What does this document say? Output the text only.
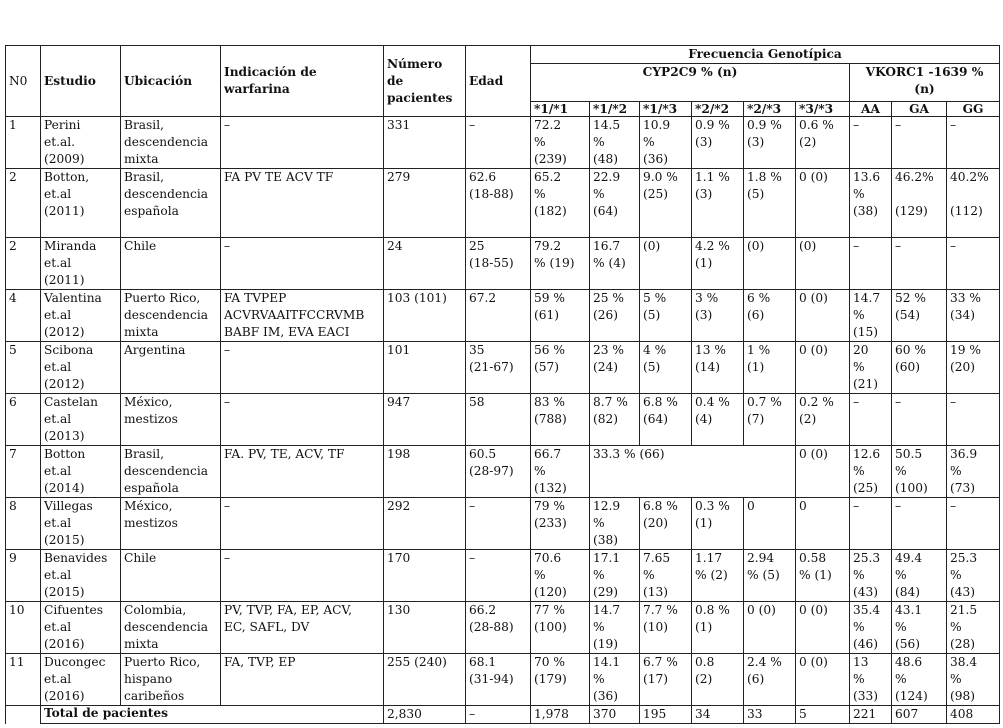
N0	Estudio	Ubicación	Indicación de
warfarina	Número
de
pacientes	Edad	Frecuencia Genotípica								
						CYP2C9 % (n)						VKORC1 -1639 %
(n)		
						*1/*1	*1/*2	*1/*3	*2/*2	*2/*3	*3/*3	AA	GA	GG
1	Perini
et.al.
(2009)	Brasil,
descendencia
mixta	–	331	–	72.2
%
(239)	14.5
%
(48)	10.9
%
(36)	0.9 %
(3)	0.9 %
(3)	0.6 %
(2)	–	–	–
2	Botton,
et.al
(2011)	Brasil,
descendencia
española	FA PV TE ACV TF	279	62.6
(18-88)	65.2
%
(182)	22.9
%
(64)	9.0 %
(25)	1.1 %
(3)	1.8 %
(5)	0 (0)	13.6
%
(38)	46.2%

(129)	40.2%

(112)
2	Miranda
et.al
(2011)	Chile	–	24	25
(18-55)	79.2
% (19)	16.7
% (4)	(0)	4.2 %
(1)	(0)	(0)	–	–	–
4	Valentina
et.al
(2012)	Puerto Rico,
descendencia
mixta	FA TVPEP
ACVRVAAITFCCRVMB
BABF IM, EVA EACI	103 (101)	67.2	59 %
(61)	25 %
(26)	5 %
(5)	3 %
(3)	6 %
(6)	0 (0)	14.7
%
(15)	52 %
(54)	33 %
(34)
5	Scibona
et.al
(2012)	Argentina	–	101	35
(21-67)	56 %
(57)	23 %
(24)	4 %
(5)	13 %
(14)	1 %
(1)	0 (0)	20
%
(21)	60 %
(60)	19 %
(20)
6	Castelan
et.al
(2013)	México,
mestizos	–	947	58	83 %
(788)	8.7 %
(82)	6.8 %
(64)	0.4 %
(4)	0.7 %
(7)	0.2 %
(2)	–	–	–
7	Botton
et.al
(2014)	Brasil,
descendencia
española	FA. PV, TE, ACV, TF	198	60.5
(28-97)	66.7
%
(132)	33.3 % (66)				0 (0)	12.6
%
(25)	50.5
%
(100)	36.9
%
(73)
8	Villegas
et.al
(2015)	México,
mestizos	–	292	–	79 %
(233)	12.9
%
(38)	6.8 %
(20)	0.3 %
(1)	0	0	–	–	–
9	Benavides
et.al
(2015)	Chile	–	170	–	70.6
%
(120)	17.1
%
(29)	7.65
%
(13)	1.17
% (2)	2.94
% (5)	0.58
% (1)	25.3
%
(43)	49.4
%
(84)	25.3
%
(43)
10	Cifuentes
et.al
(2016)	Colombia,
descendencia
mixta	PV, TVP, FA, EP, ACV,
EC, SAFL, DV	130	66.2
(28-88)	77 %
(100)	14.7
%
(19)	7.7 %
(10)	0.8 %
(1)	0 (0)	0 (0)	35.4
%
(46)	43.1
%
(56)	21.5
%
(28)
11	Ducongec
et.al
(2016)	Puerto Rico,
hispano
caribeños	FA, TVP, EP	255 (240)	68.1
(31-94)	70 %
(179)	14.1
%
(36)	6.7 %
(17)	0.8
(2)	2.4 %
(6)	0 (0)	13
%
(33)	48.6
%
(124)	38.4
%
(98)
	Total de pacientes			2,830	–	1,978	370	195	34	33	5	221	607	408
